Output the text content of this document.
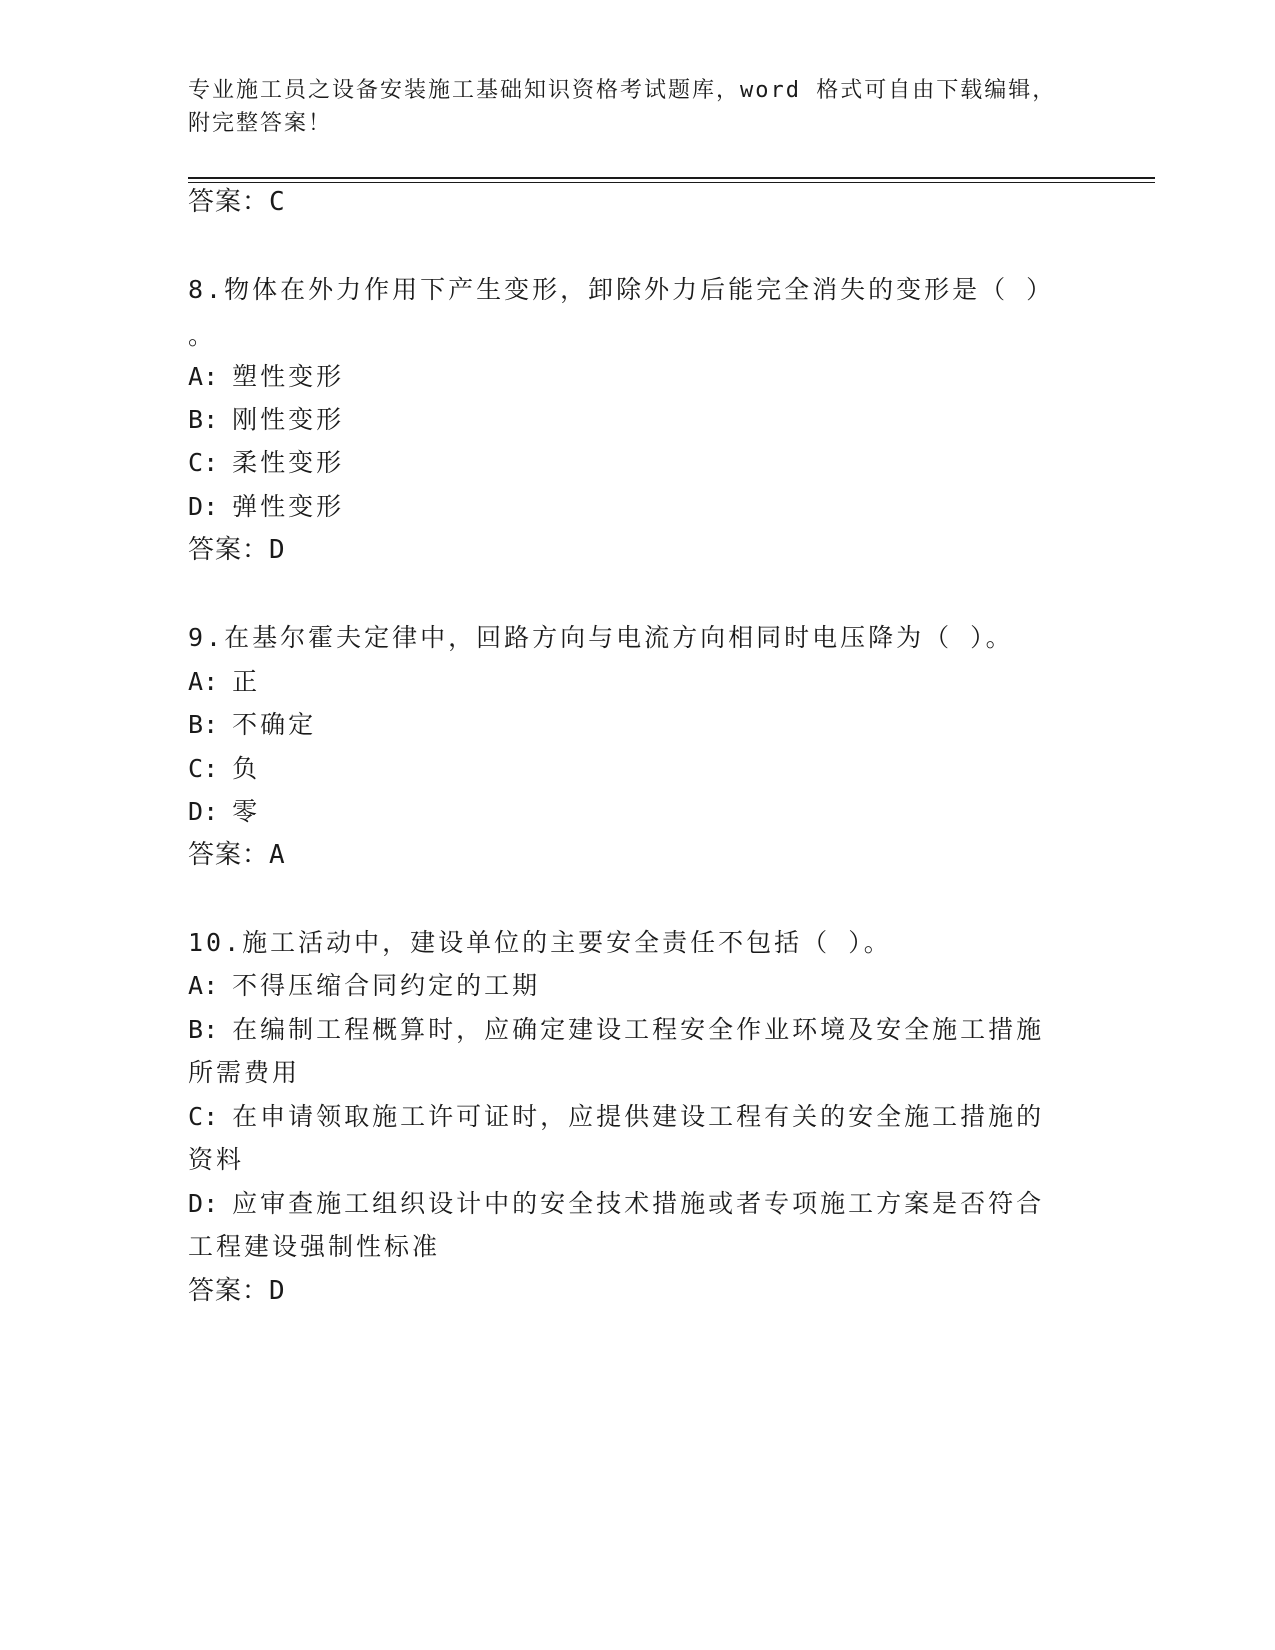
专业施工员之设备安装施工基础知识资格考试题库，word 格式可自由下载编辑，
附完整答案！
答案：C
8.物体在外力作用下产生变形，卸除外力后能完全消失的变形是（ ）
。
A: 塑性变形
B: 刚性变形
C: 柔性变形
D: 弹性变形
答案：D
9.在基尔霍夫定律中，回路方向与电流方向相同时电压降为（ ）。
A: 正
B: 不确定
C: 负
D: 零
答案：A
10.施工活动中，建设单位的主要安全责任不包括（ ）。
A: 不得压缩合同约定的工期
B: 在编制工程概算时，应确定建设工程安全作业环境及安全施工措施
所需费用
C: 在申请领取施工许可证时，应提供建设工程有关的安全施工措施的
资料
D: 应审查施工组织设计中的安全技术措施或者专项施工方案是否符合
工程建设强制性标准
答案：D
